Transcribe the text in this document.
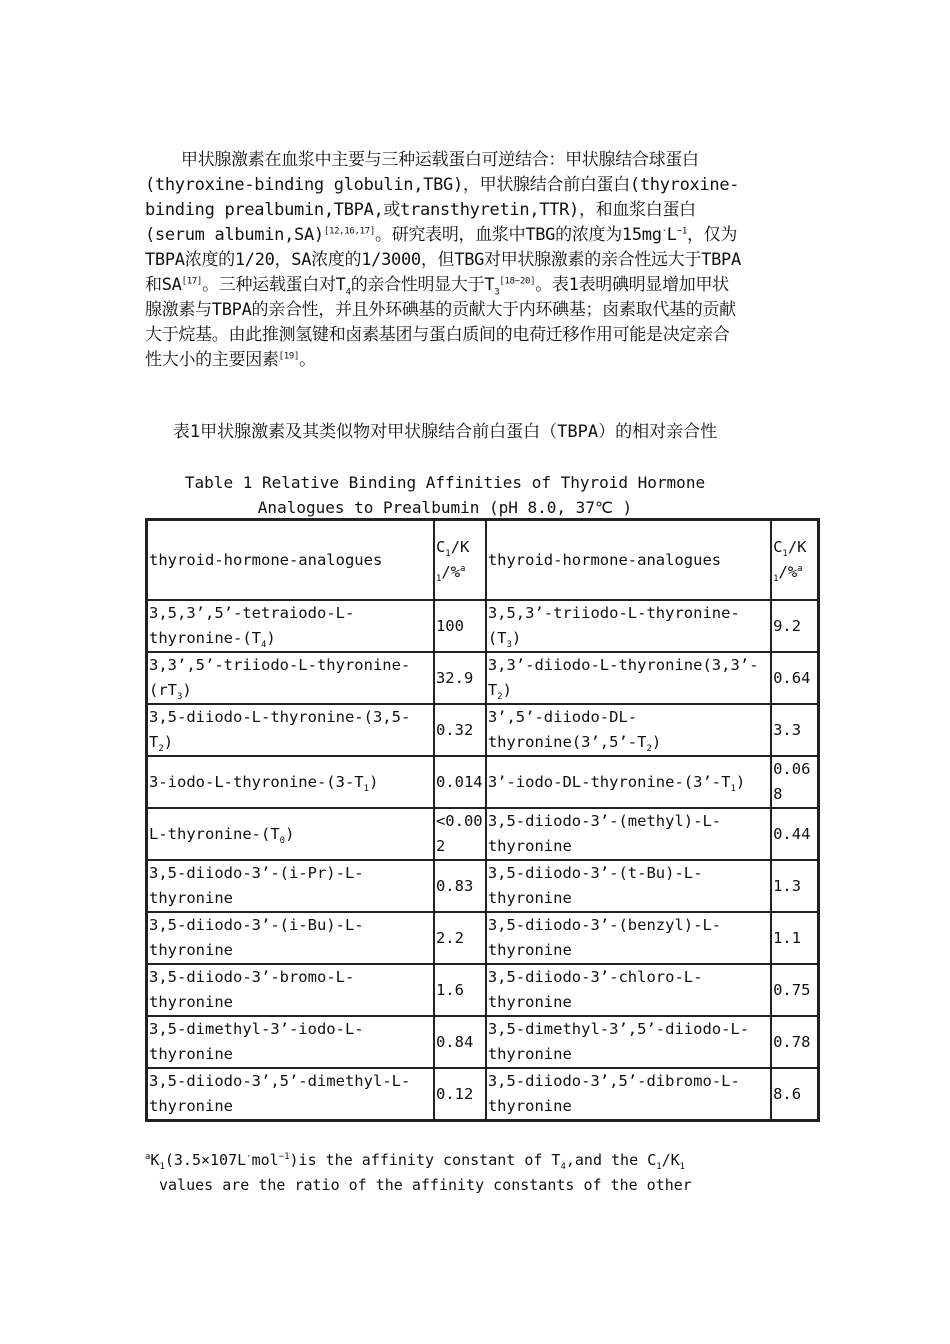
甲状腺激素在血浆中主要与三种运载蛋白可逆结合：甲状腺结合球蛋白(thyroxine-binding globulin,TBG)，甲状腺结合前白蛋白(thyroxine-binding prealbumin,TBPA,或transthyretin,TTR)，和血浆白蛋白(serum albumin,SA)[12,16,17]。研究表明，血浆中TBG的浓度为$15mg^\cdot L^{-1}$，仅为TBPA浓度的1/20，SA浓度的1/3000，但TBG对甲状腺激素的亲合性远大于TBPA和SA[17]。三种运载蛋白对$T_4$的亲合性明显大于$T_3[18\sim 20]$。表1表明碘明显增加甲状腺激素与TBPA的亲合性，并且外环碘基的贡献大于内环碘基；卤素取代基的贡献大于烷基。由此推测氢键和卤素基团与蛋白质间的电荷迁移作用可能是决定亲合性大小的主要因素[19]。
表1甲状腺激素及其类似物对甲状腺结合前白蛋白（TBPA）的相对亲合性
Table 1 Relative Binding Affinities of Thyroid Hormone Analogues to Prealbumin (pH 8.0, 37℃ )
thyroid-hormone-analogues	$C_1/K_1/\%^a$	thyroid-hormone-analogues	$C_1/K_1/\%^a$
$3,5,3’,5’-tetraiodo-L-thyronine-(T_4)$	100	$3,5,3’-triiodo-L-thyronine-(T_3)$	9.2
$3,3’,5’-triiodo-L-thyronine-(rT_3)$	32.9	$3,3’-diiodo-L-thyronine(3,3’-T_2)$	0.64
$3,5-diiodo-L-thyronine-(3,5-T_2)$	0.32	$3’,5’-diiodo-DL-thyronine(3’,5’-T_2)$	3.3
$3-iodo-L-thyronine-(3-T_1)$	0.014	$3’-iodo-DL-thyronine-(3’-T_1)$	0.068
$L-thyronine-(T_0)$	<0.002	3,5-diiodo-3’-(methyl)-L-thyronine	0.44
3,5-diiodo-3’-(i-Pr)-L-thyronine	0.83	3,5-diiodo-3’-(t-Bu)-L-thyronine	1.3
3,5-diiodo-3’-(i-Bu)-L-thyronine	2.2	3,5-diiodo-3’-(benzyl)-L-thyronine	1.1
3,5-diiodo-3’-bromo-L-thyronine	1.6	3,5-diiodo-3’-chloro-L-thyronine	0.75
3,5-dimethyl-3’-iodo-L-thyronine	0.84	3,5-dimethyl-3’,5’-diiodo-L-thyronine	0.78
3,5-diiodo-3’,5’-dimethyl-L-thyronine	0.12	3,5-diiodo-3’,5’-dibromo-L-thyronine	8.6
$^aK_1(3.5\times 107L^\cdot mol^{-1})is$ the affinity constant of $T_4,and$ the $C_1/K_1$
values are the ratio of the affinity constants of the other
